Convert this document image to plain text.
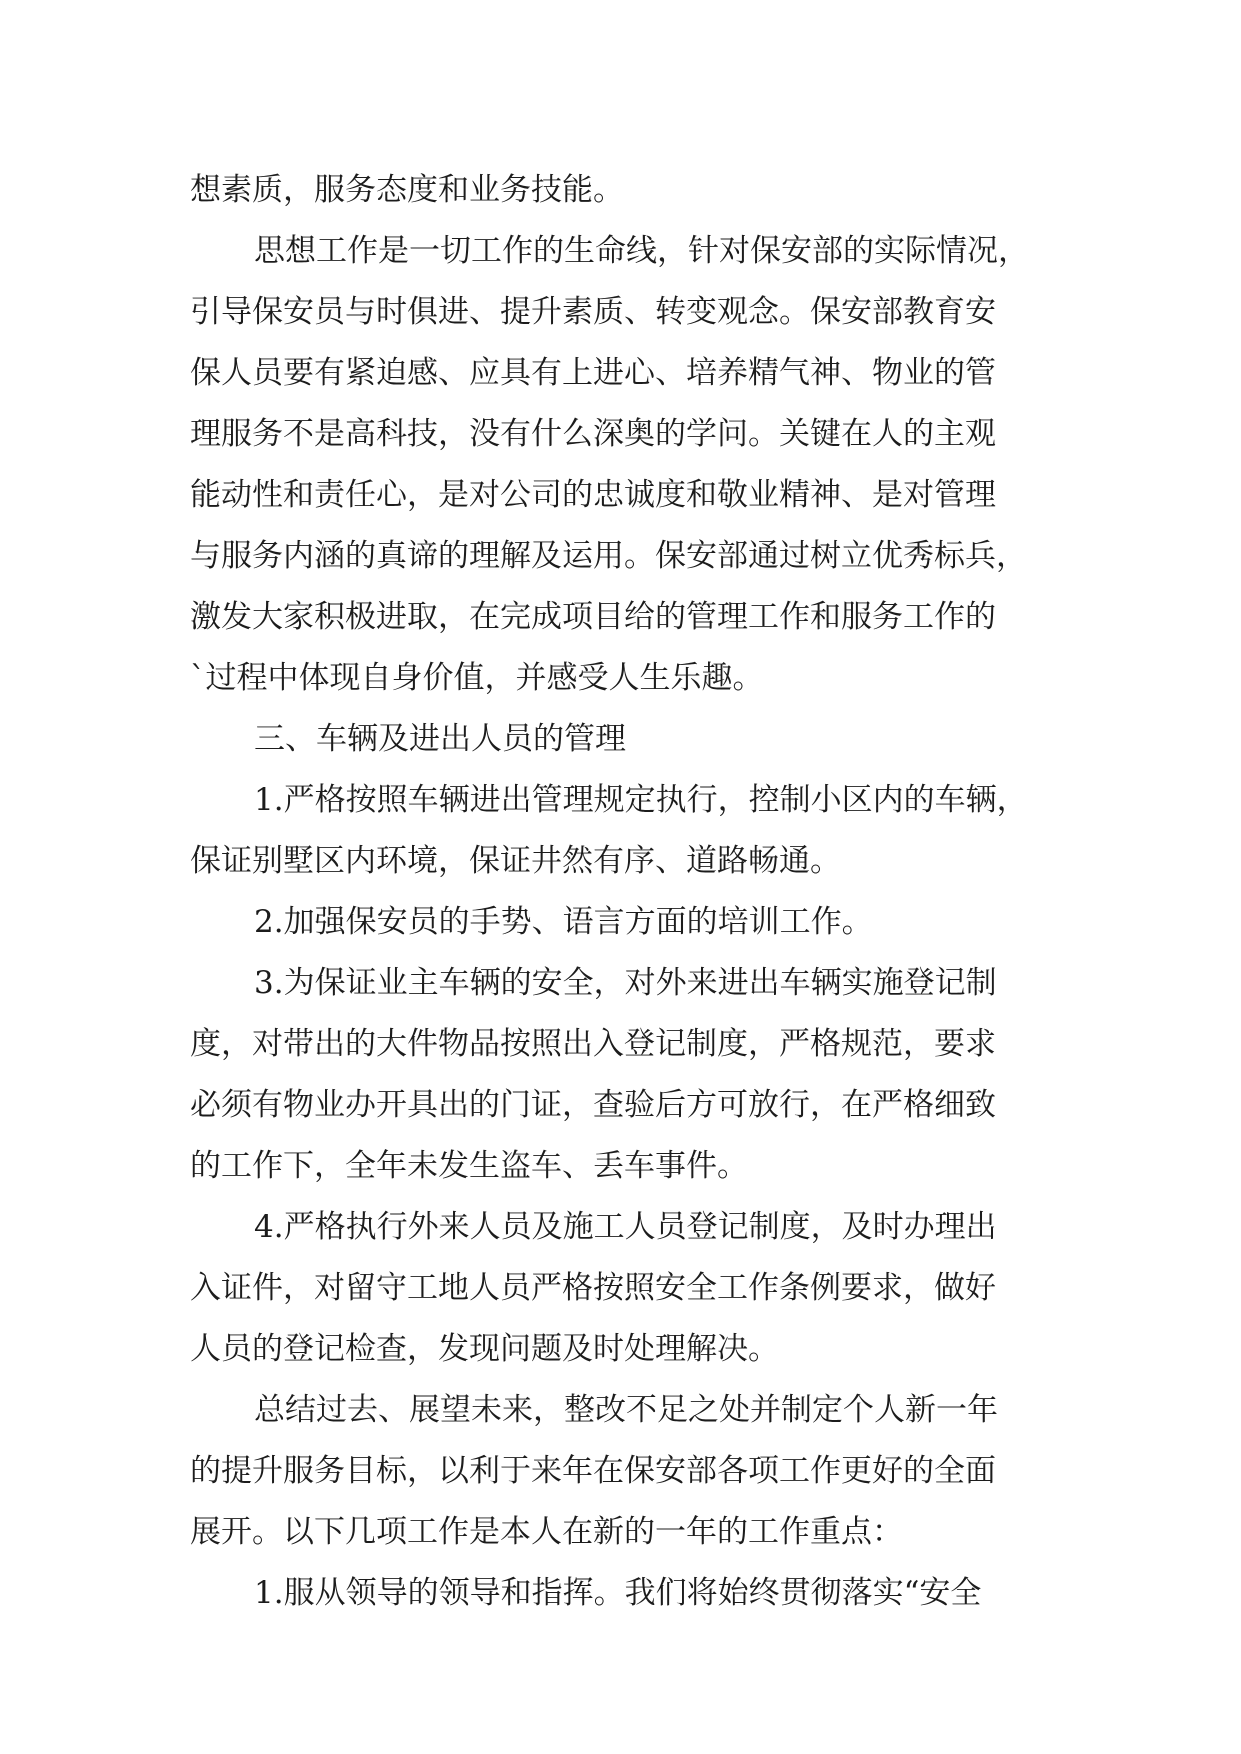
想素质，服务态度和业务技能。
思想工作是一切工作的生命线，针对保安部的实际情况，
引导保安员与时俱进、提升素质、转变观念。保安部教育安
保人员要有紧迫感、应具有上进心、培养精气神、物业的管
理服务不是高科技，没有什么深奥的学问。关键在人的主观
能动性和责任心，是对公司的忠诚度和敬业精神、是对管理
与服务内涵的真谛的理解及运用。保安部通过树立优秀标兵，
激发大家积极进取，在完成项目给的管理工作和服务工作的
`过程中体现自身价值，并感受人生乐趣。
三、车辆及进出人员的管理
1.严格按照车辆进出管理规定执行，控制小区内的车辆，
保证别墅区内环境，保证井然有序、道路畅通。
2.加强保安员的手势、语言方面的培训工作。
3.为保证业主车辆的安全，对外来进出车辆实施登记制
度，对带出的大件物品按照出入登记制度，严格规范，要求
必须有物业办开具出的门证，查验后方可放行，在严格细致
的工作下，全年未发生盗车、丢车事件。
4.严格执行外来人员及施工人员登记制度，及时办理出
入证件，对留守工地人员严格按照安全工作条例要求，做好
人员的登记检查，发现问题及时处理解决。
总结过去、展望未来，整改不足之处并制定个人新一年
的提升服务目标，以利于来年在保安部各项工作更好的全面
展开。以下几项工作是本人在新的一年的工作重点：
1.服从领导的领导和指挥。我们将始终贯彻落实“安全
